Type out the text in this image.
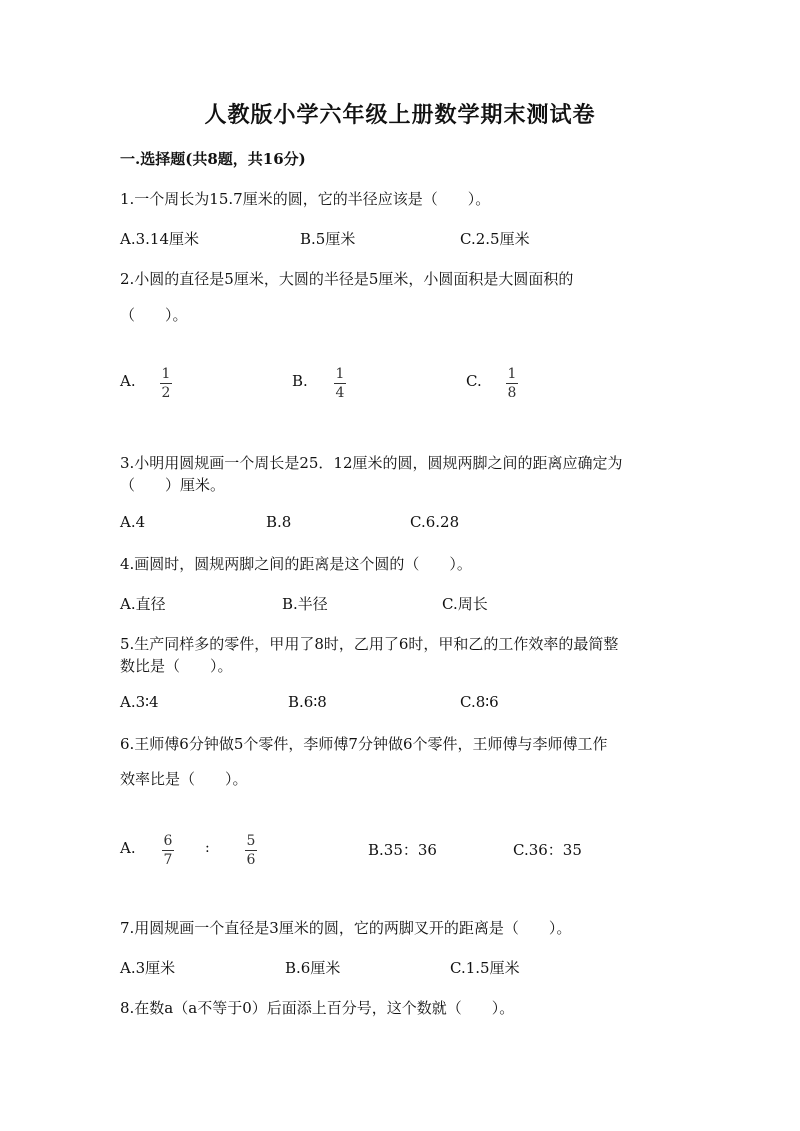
人教版小学六年级上册数学期末测试卷
一.选择题(共8题，共16分)
1.一个周长为15.7厘米的圆，它的半径应该是（　　）。
A.3.14厘米	B.5厘米	C.2.5厘米
2.小圆的直径是5厘米，大圆的半径是5厘米，小圆面积是大圆面积的
（　　）。
A. 1
2
B. 1
4
C. 1
8
3.小明用圆规画一个周长是25．12厘米的圆，圆规两脚之间的距离应确定为
（　　）厘米。
A.4	B.8	C.6.28
4.画圆时，圆规两脚之间的距离是这个圆的（　　）。
A.直径	B.半径	C.周长
5.生产同样多的零件，甲用了8时，乙用了6时，甲和乙的工作效率的最简整
数比是（　　）。
A.3∶4	B.6∶8	C.8∶6
6.王师傅6分钟做5个零件，李师傅7分钟做6个零件，王师傅与李师傅工作
效率比是（　　）。
A. 6
7
:	5
6
B.35：36	C.36：35
7.用圆规画一个直径是3厘米的圆，它的两脚叉开的距离是（　　）。
A.3厘米	B.6厘米	C.1.5厘米
8.在数a（a不等于0）后面添上百分号，这个数就（　　）。
